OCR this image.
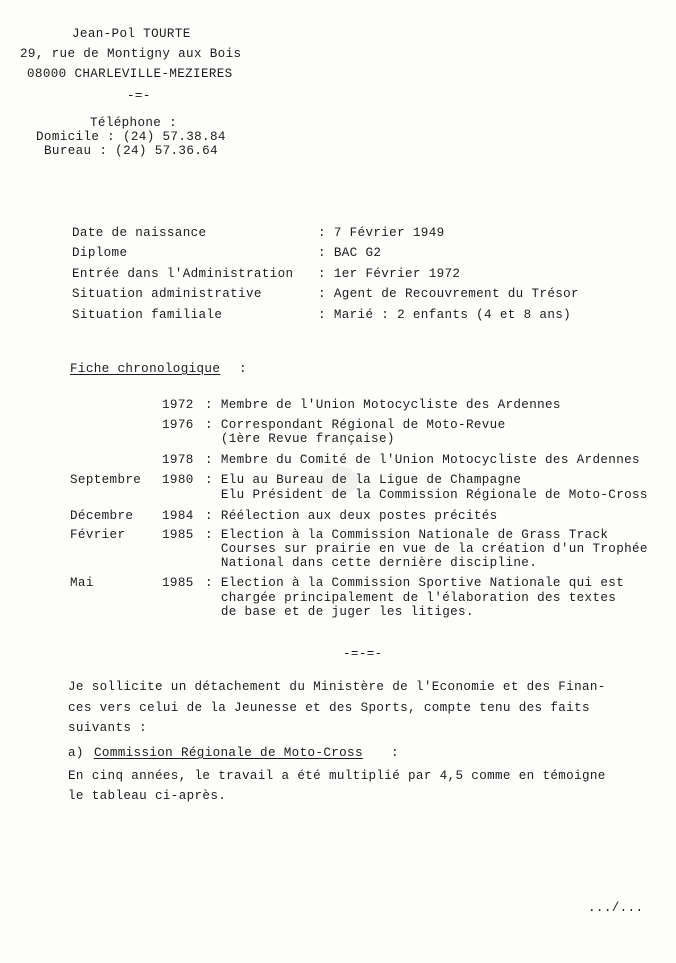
Jean-Pol TOURTE
29, rue de Montigny aux Bois
08000 CHARLEVILLE-MEZIERES
-=-
Téléphone :
Domicile : (24) 57.38.84
Bureau : (24) 57.36.64
Date de naissance	: 7 Février 1949
Diplome	: BAC G2
Entrée dans l'Administration : 1er Février 1972
Situation administrative	: Agent de Recouvrement du Trésor
Situation familiale	: Marié : 2 enfants (4 et 8 ans)
Fiche chronologique :
1972 : Membre de l'Union Motocycliste des Ardennes
1976 : Correspondant Régional de Moto-Revue
(1ère Revue française)
1978 : Membre du Comité de l'Union Motocycliste des Ardennes
Septembre 1980 : Elu au Bureau de la Ligue de Champagne
Elu Président de la Commission Régionale de Moto-Cross
Décembre 1984 : Réélection aux deux postes précités
Février	1985 : Election à la Commission Nationale de Grass Track
Courses sur prairie en vue de la création d'un Trophée
National dans cette dernière discipline.
Mai	1985 : Election à la Commission Sportive Nationale qui est
chargée principalement de l'élaboration des textes
de base et de juger les litiges.
-=-=-
Je sollicite un détachement du Ministère de l'Economie et des Finan-
ces vers celui de la Jeunesse et des Sports, compte tenu des faits
suivants :
a) Commission Régionale de Moto-Cross :
En cinq années, le travail a été multiplié par 4,5 comme en témoigne
le tableau ci-après.
.../...
